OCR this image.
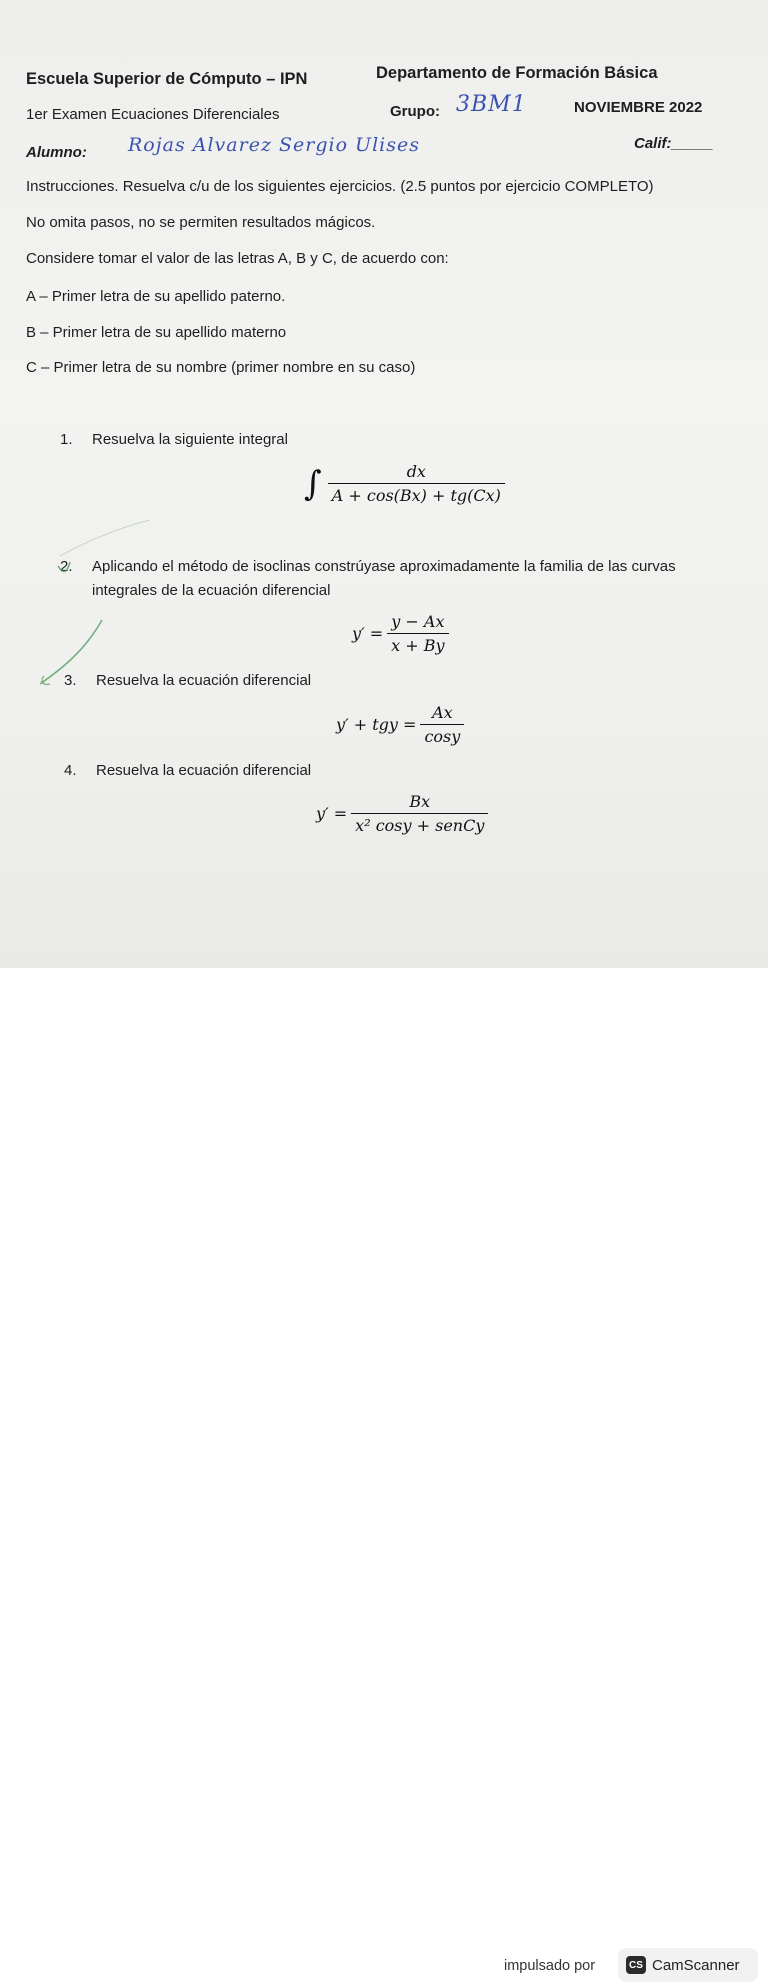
Escuela Superior de Cómputo – IPN	Departamento de Formación Básica
1er Examen Ecuaciones Diferenciales	Grupo: 3BM1	NOVIEMBRE 2022
Alumno: Rojas Alvarez Sergio Ulises	Calif:_____
Instrucciones. Resuelva c/u de los siguientes ejercicios. (2.5 puntos por ejercicio COMPLETO)
No omita pasos, no se permiten resultados mágicos.
Considere tomar el valor de las letras A, B y C, de acuerdo con:
A – Primer letra de su apellido paterno.
B – Primer letra de su apellido materno
C – Primer letra de su nombre (primer nombre en su caso)
1. Resuelva la siguiente integral
∫ $\frac{dx}{A + \cos(Bx) + tg(Cx)}$
2. Aplicando el método de isoclinas constrúyase aproximadamente la familia de las curvas
integrales de la ecuación diferencial
$y' = \frac{y - Ax}{x + By}$
3. Resuelva la ecuación diferencial
y′ + tgy = $\frac{Ax}{\cos y}$
4. Resuelva la ecuación diferencial
$y' = \frac{Bx}{\text{x² cosy + senCy}}$
impulsado por	CS CamScanner
